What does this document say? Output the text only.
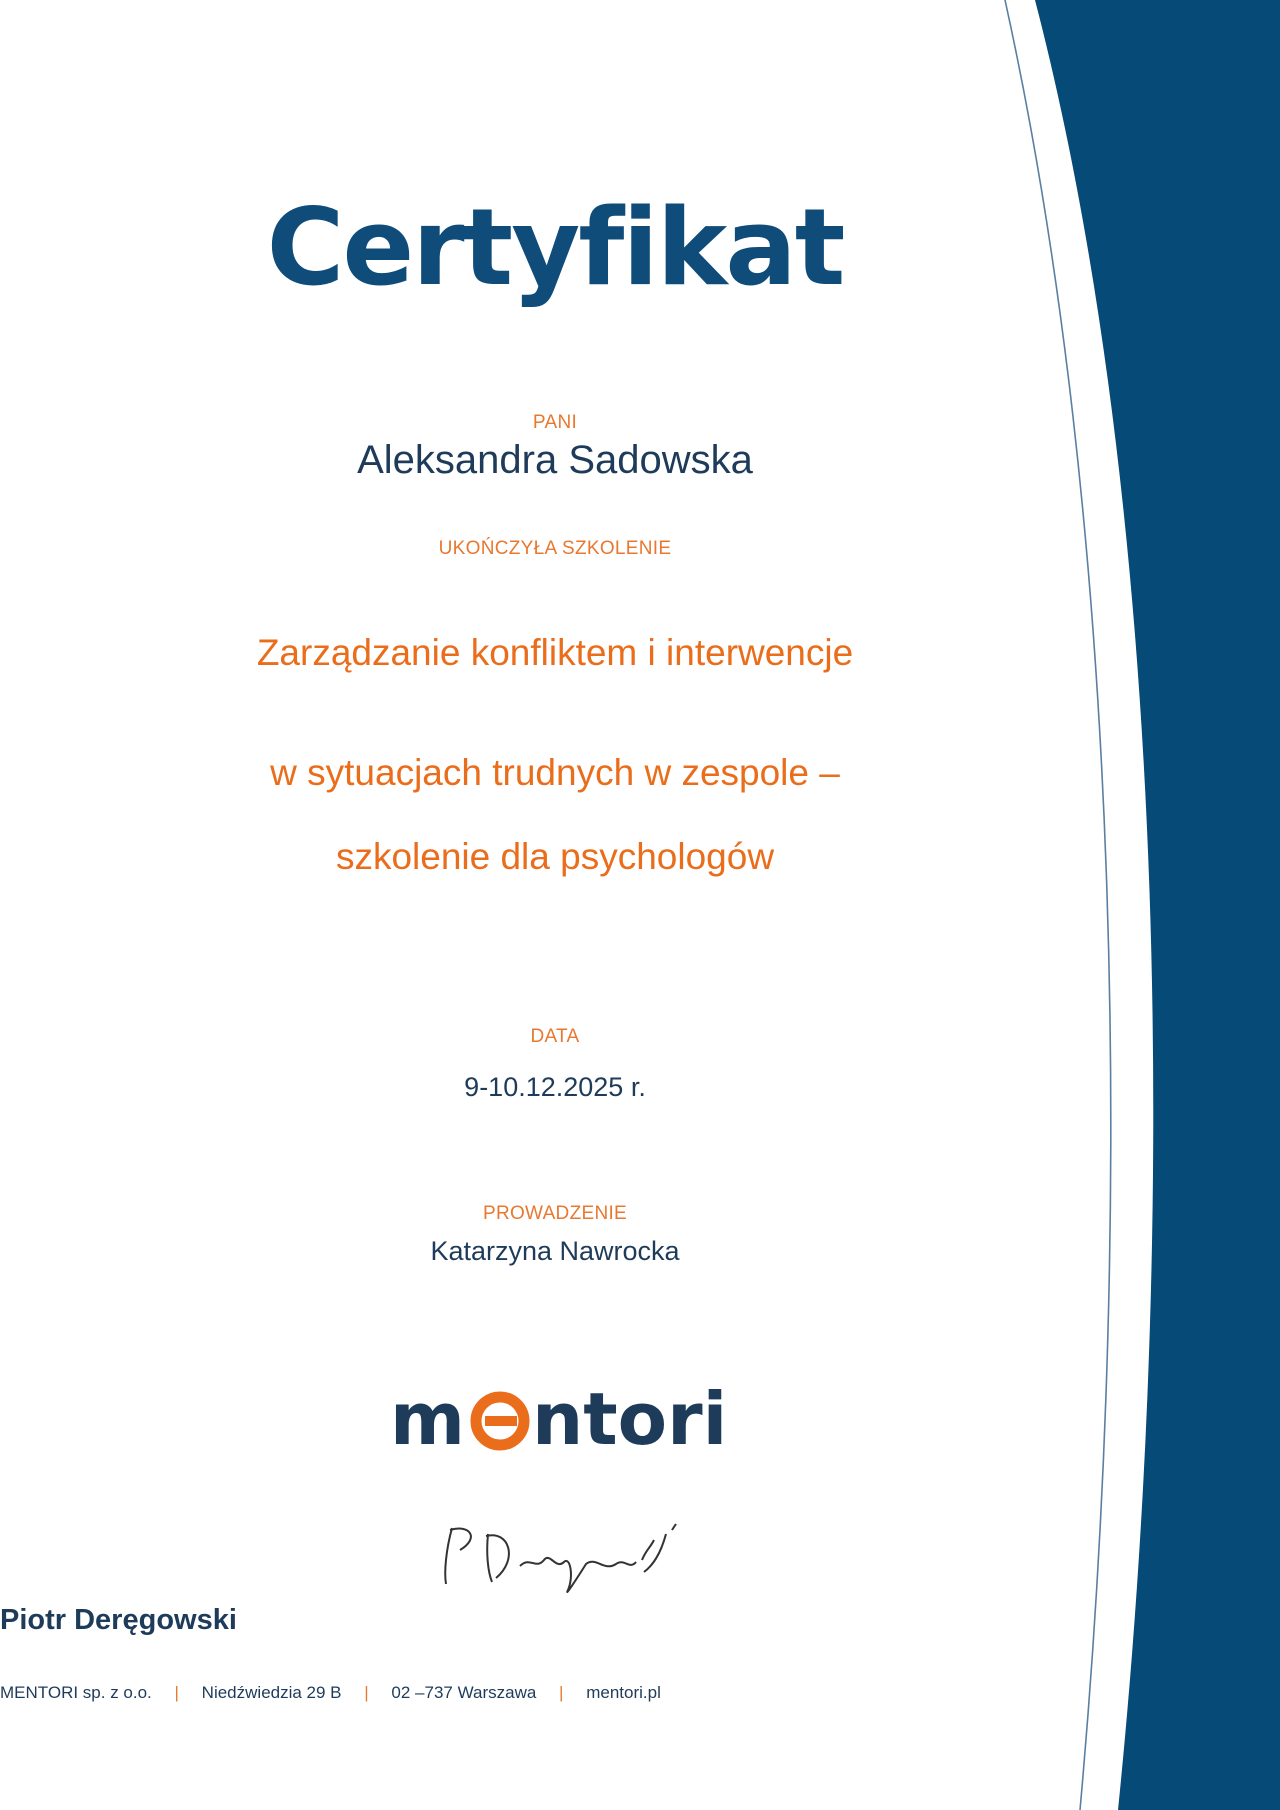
Certyfikat
PANI
Aleksandra Sadowska
UKOŃCZYŁA SZKOLENIE
Zarządzanie konfliktem i interwencje
w sytuacjach trudnych w zespole –
szkolenie dla psychologów
DATA
9-10.12.2025 r.
PROWADZENIE
Katarzyna Nawrocka
m ntori
Piotr Deręgowski
MENTORI sp. z o.o. | Niedźwiedzia 29 B | 02 –737 Warszawa | mentori.pl
